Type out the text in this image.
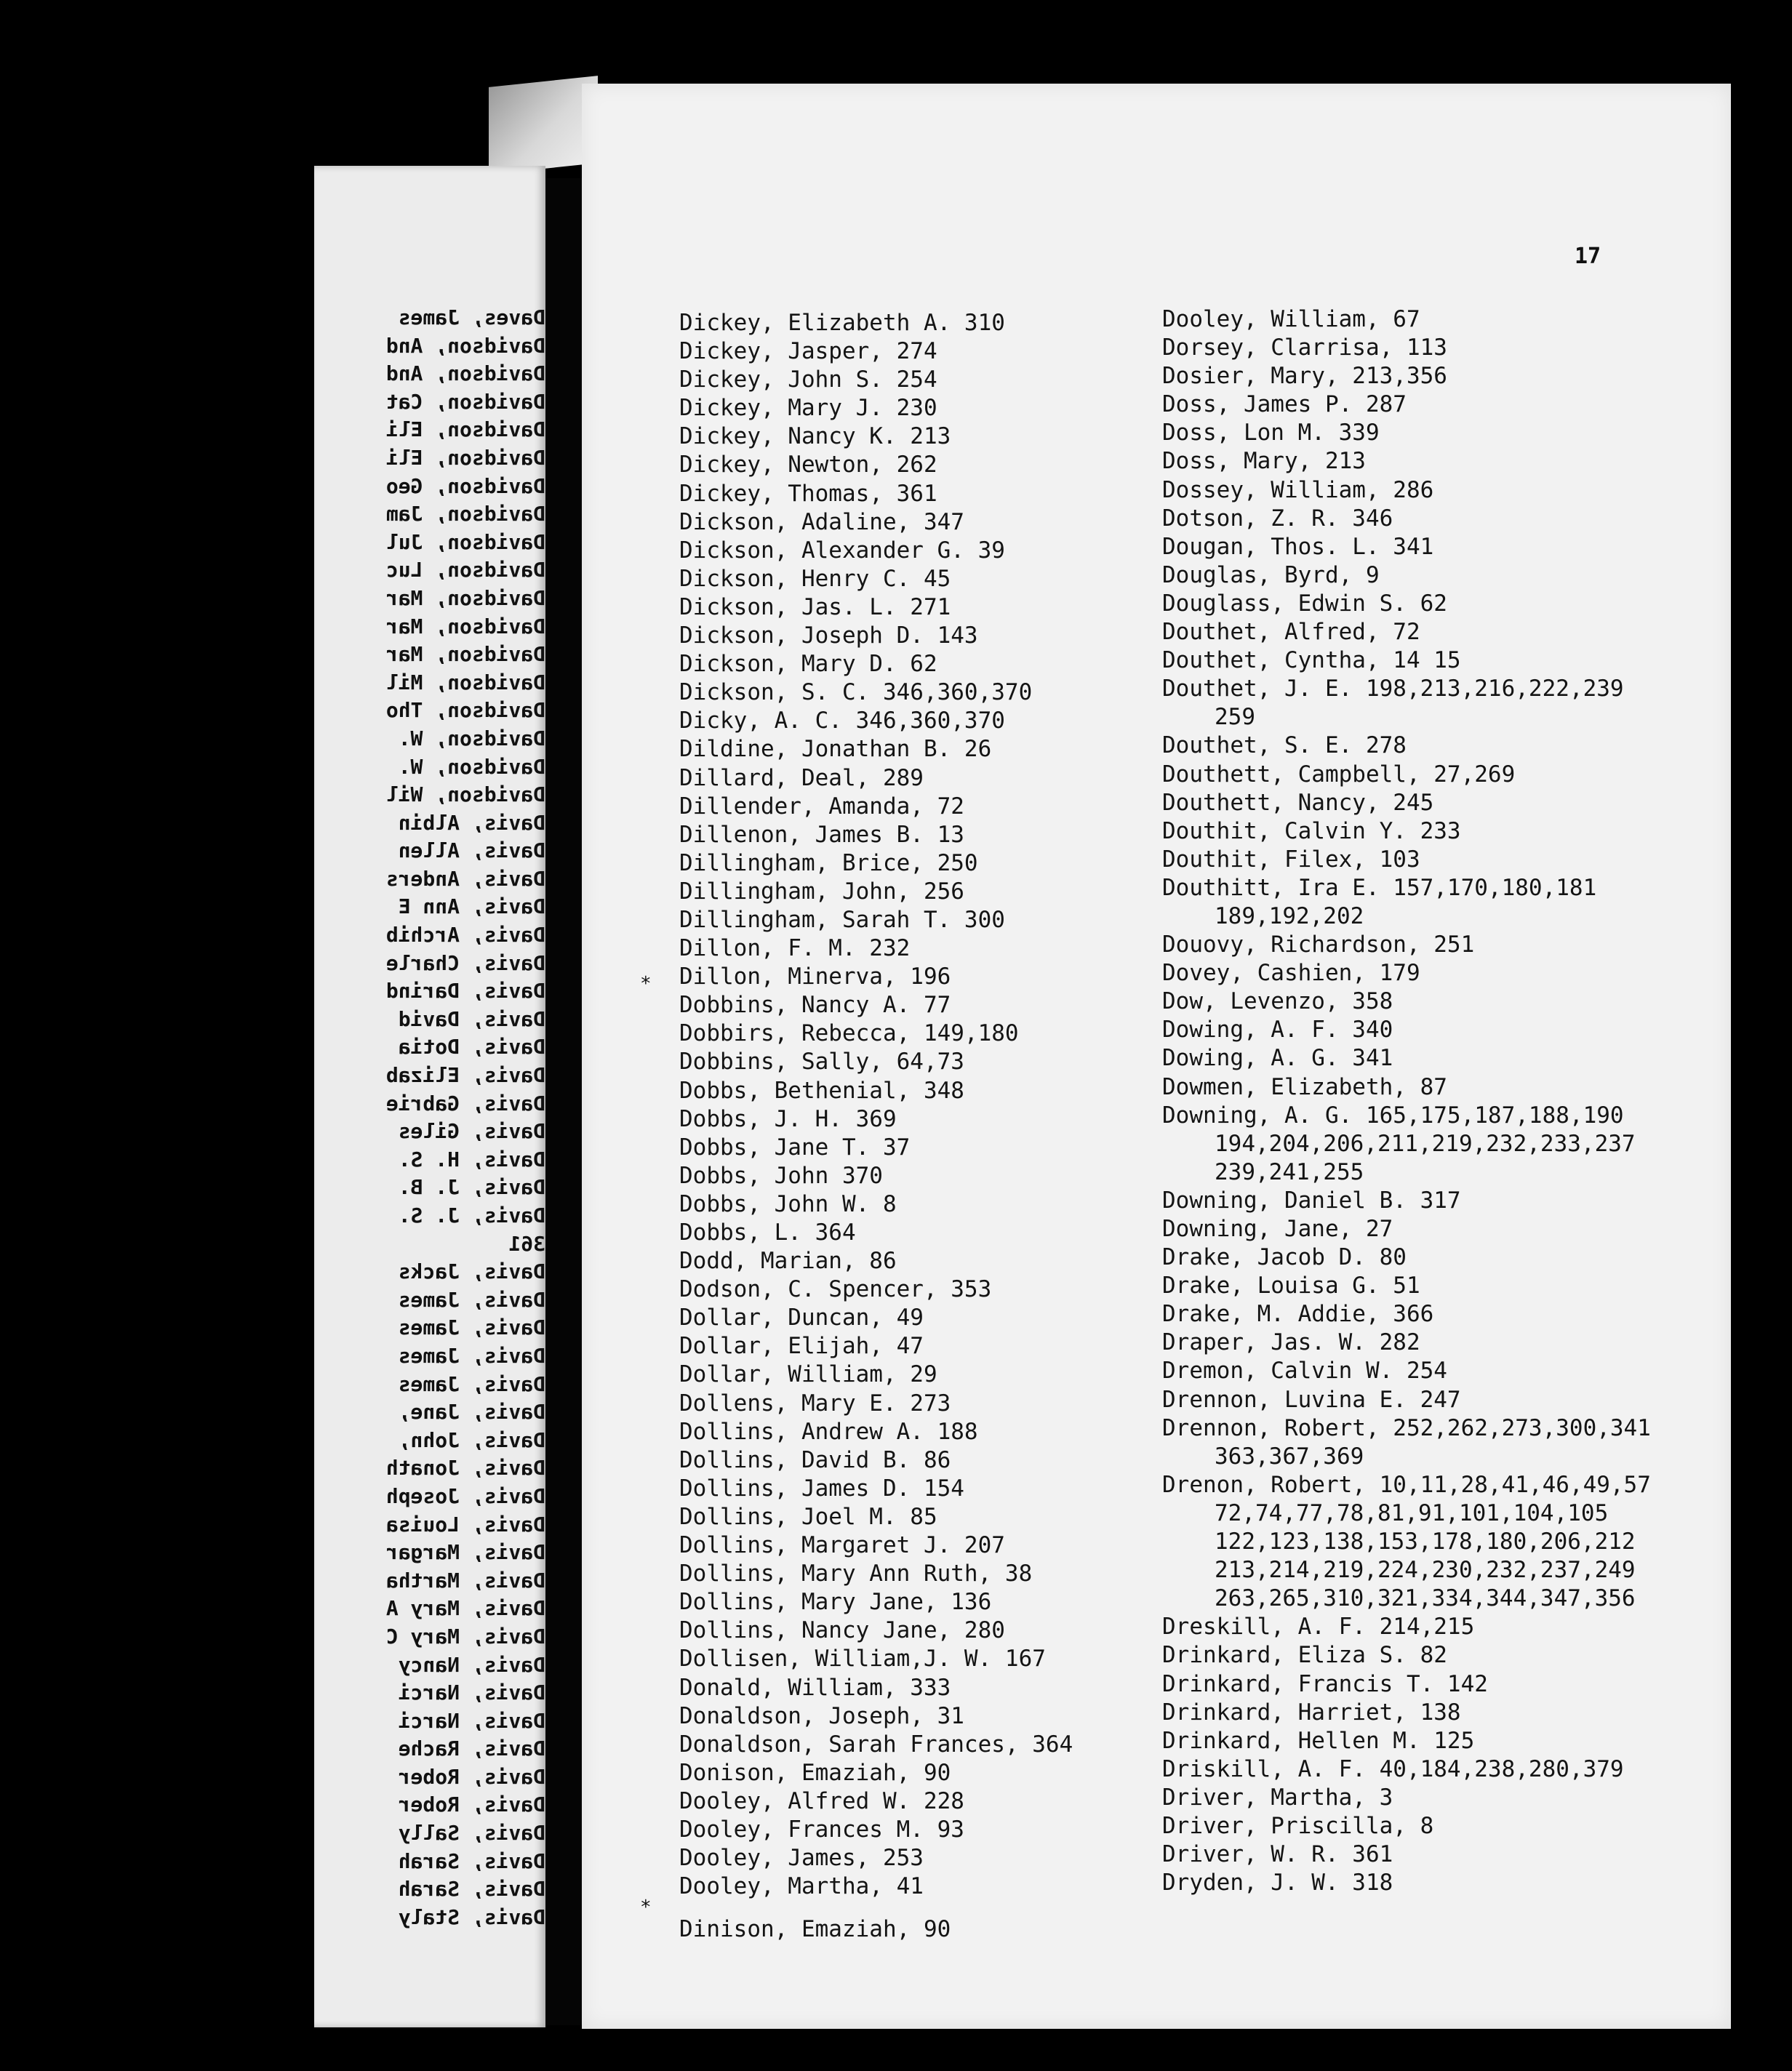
Daves, James
Davidson, And
Davidson, And
Davidson, Cat
Davidson, Eli
Davidson, Eli
Davidson, Geo
Davidson, Jam
Davidson, Jul
Davidson, Luc
Davidson, Mar
Davidson, Mar
Davidson, Mar
Davidson, Mil
Davidson, Tho
Davidson, W.
Davidson, W.
Davidson, Wil
Davis, Albin
Davis, Allen
Davis, Anders
Davis, Ann E
Davis, Archib
Davis, Charle
Davis, Darind
Davis, David
Davis, Dotia
Davis, Elizab
Davis, Gabrie
Davis, Giles
Davis, H. S.
Davis, J. B.
Davis, J. S.
361
Davis, Jacks
Davis, James
Davis, James
Davis, James
Davis, James
Davis, Jane,
Davis, John,
Davis, Jonath
Davis, Joseph
Davis, Louisa
Davis, Margar
Davis, Martha
Davis, Mary A
Davis, Mary C
Davis, Nancy
Davis, Narci
Davis, Narci
Davis, Rache
Davis, Rober
Davis, Rober
Davis, Sally
Davis, Sarah
Davis, Sarah
Davis, Staly
17
Dickey, Elizabeth A. 310
Dickey, Jasper, 274
Dickey, John S. 254
Dickey, Mary J. 230
Dickey, Nancy K. 213
Dickey, Newton, 262
Dickey, Thomas, 361
Dickson, Adaline, 347
Dickson, Alexander G. 39
Dickson, Henry C. 45
Dickson, Jas. L. 271
Dickson, Joseph D. 143
Dickson, Mary D. 62
Dickson, S. C. 346,360,370
Dicky, A. C. 346,360,370
Dildine, Jonathan B. 26
Dillard, Deal, 289
Dillender, Amanda, 72
Dillenon, James B. 13
Dillingham, Brice, 250
Dillingham, John, 256
Dillingham, Sarah T. 300
Dillon, F. M. 232
Dillon, Minerva, 196
Dobbins, Nancy A. 77
Dobbirs, Rebecca, 149,180
Dobbins, Sally, 64,73
Dobbs, Bethenial, 348
Dobbs, J. H. 369
Dobbs, Jane T. 37
Dobbs, John 370
Dobbs, John W. 8
Dobbs, L. 364
Dodd, Marian, 86
Dodson, C. Spencer, 353
Dollar, Duncan, 49
Dollar, Elijah, 47
Dollar, William, 29
Dollens, Mary E. 273
Dollins, Andrew A. 188
Dollins, David B. 86
Dollins, James D. 154
Dollins, Joel M. 85
Dollins, Margaret J. 207
Dollins, Mary Ann Ruth, 38
Dollins, Mary Jane, 136
Dollins, Nancy Jane, 280
Dollisen, William,J. W. 167
Donald, William, 333
Donaldson, Joseph, 31
Donaldson, Sarah Frances, 364
Donison, Emaziah, 90
Dooley, Alfred W. 228
Dooley, Frances M. 93
Dooley, James, 253
Dooley, Martha, 41
Dinison, Emaziah, 90
Dooley, William, 67
Dorsey, Clarrisa, 113
Dosier, Mary, 213,356
Doss, James P. 287
Doss, Lon M. 339
Doss, Mary, 213
Dossey, William, 286
Dotson, Z. R. 346
Dougan, Thos. L. 341
Douglas, Byrd, 9
Douglass, Edwin S. 62
Douthet, Alfred, 72
Douthet, Cyntha, 14 15
Douthet, J. E. 198,213,216,222,239
259
Douthet, S. E. 278
Douthett, Campbell, 27,269
Douthett, Nancy, 245
Douthit, Calvin Y. 233
Douthit, Filex, 103
Douthitt, Ira E. 157,170,180,181
189,192,202
Douovy, Richardson, 251
Dovey, Cashien, 179
Dow, Levenzo, 358
Dowing, A. F. 340
Dowing, A. G. 341
Dowmen, Elizabeth, 87
Downing, A. G. 165,175,187,188,190
194,204,206,211,219,232,233,237
239,241,255
Downing, Daniel B. 317
Downing, Jane, 27
Drake, Jacob D. 80
Drake, Louisa G. 51
Drake, M. Addie, 366
Draper, Jas. W. 282
Dremon, Calvin W. 254
Drennon, Luvina E. 247
Drennon, Robert, 252,262,273,300,341
363,367,369
Drenon, Robert, 10,11,28,41,46,49,57
72,74,77,78,81,91,101,104,105
122,123,138,153,178,180,206,212
213,214,219,224,230,232,237,249
263,265,310,321,334,344,347,356
Dreskill, A. F. 214,215
Drinkard, Eliza S. 82
Drinkard, Francis T. 142
Drinkard, Harriet, 138
Drinkard, Hellen M. 125
Driskill, A. F. 40,184,238,280,379
Driver, Martha, 3
Driver, Priscilla, 8
Driver, W. R. 361
Dryden, J. W. 318
*
*
